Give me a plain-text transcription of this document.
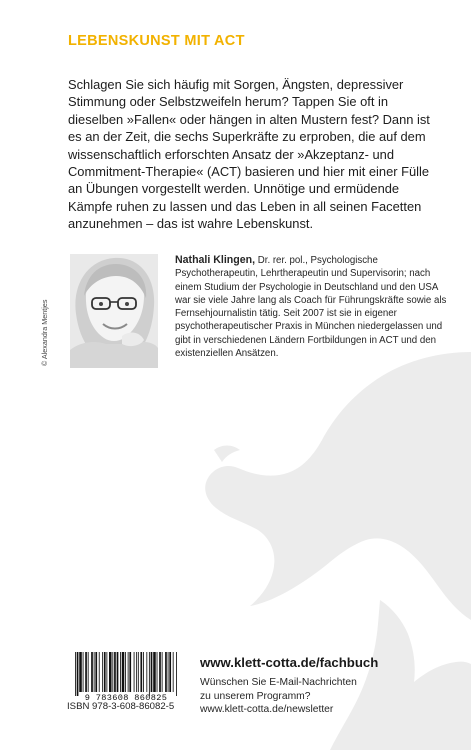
LEBENSKUNST MIT ACT

Schlagen Sie sich häufig mit Sorgen, Ängsten, depressiver Stimmung oder Selbstzweifeln herum? Tappen Sie oft in dieselben »Fallen« oder hängen in alten Mustern fest? Dann ist es an der Zeit, die sechs Superkräfte zu erproben, die auf dem wissenschaftlich erforschten Ansatz der »Akzeptanz- und Commitment-Therapie« (ACT) basieren und hier mit einer Fülle an Übungen vorgestellt werden. Unnötige und ermüdende Kämpfe ruhen zu lassen und das Leben in all seinen Facetten anzunehmen – das ist wahre Lebenskunst.

© Alexandra Mentjes
Nathali Klingen, Dr. rer. pol., Psychologische Psychotherapeutin, Lehrtherapeutin und Supervisorin; nach einem Studium der Psychologie in Deutschland und den USA war sie viele Jahre lang als Coach für Führungskräfte sowie als Fernsehjournalistin tätig. Seit 2007 ist sie in eigener psychotherapeutischer Praxis in München niedergelassen und gibt in verschiedenen Ländern Fortbildungen in ACT und den existenziellen Ansätzen.
9 783608 860825
ISBN 978-3-608-86082-5
www.klett-cotta.de/fachbuch
Wünschen Sie E-Mail-Nachrichten
zu unserem Programm?
www.klett-cotta.de/newsletter
